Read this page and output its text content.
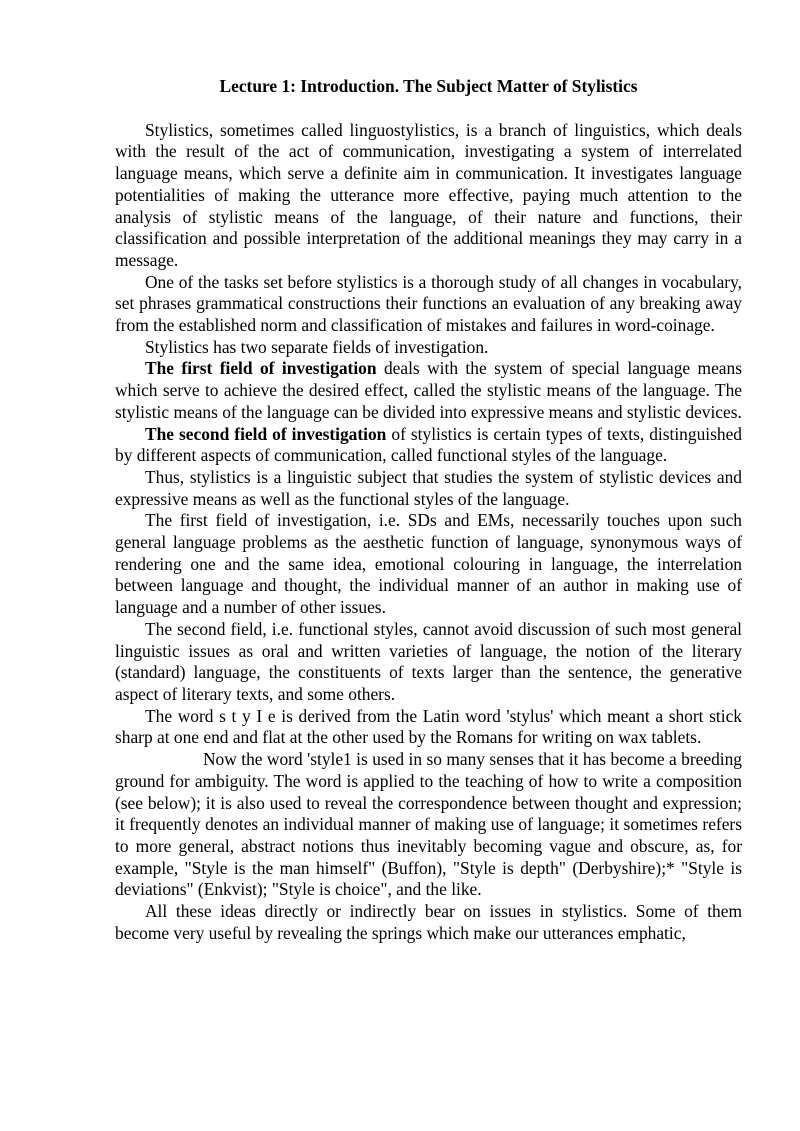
Lecture 1: Introduction. The Subject Matter of Stylistics

Stylistics, sometimes called linguostylistics, is a branch of linguistics, which deals with the result of the act of communication, investigating a system of interrelated language means, which serve a definite aim in communication. It investigates language potentialities of making the utterance more effective, paying much attention to the analysis of stylistic means of the language, of their nature and functions, their classification and possible interpretation of the additional meanings they may carry in a message.

One of the tasks set before stylistics is a thorough study of all changes in vocabulary, set phrases grammatical constructions their functions an evaluation of any breaking away from the established norm and classification of mistakes and failures in word-coinage.

Stylistics has two separate fields of investigation.

The first field of investigation deals with the system of special language means which serve to achieve the desired effect, called the stylistic means of the language. The stylistic means of the language can be divided into expressive means and stylistic devices.

The second field of investigation of stylistics is certain types of texts, distinguished by different aspects of communication, called functional styles of the language.

Thus, stylistics is a linguistic subject that studies the system of stylistic devices and expressive means as well as the functional styles of the language.

The first field of investigation, i.e. SDs and EMs, necessarily touches upon such general language problems as the aesthetic function of language, synonymous ways of rendering one and the same idea, emotional colouring in language, the interrelation between language and thought, the individual manner of an author in making use of language and a number of other issues.

The second field, i.e. functional styles, cannot avoid discussion of such most general linguistic issues as oral and written varieties of language, the notion of the literary (standard) language, the constituents of texts larger than the sentence, the generative aspect of literary texts, and some others.

The word s t y I e is derived from the Latin word 'stylus' which meant a short stick sharp at one end and flat at the other used by the Romans for writing on wax tablets.

Now the word 'style1 is used in so many senses that it has become a breeding ground for ambiguity. The word is applied to the teaching of how to write a composition (see below); it is also used to reveal the correspondence between thought and expression; it frequently denotes an individual manner of making use of language; it sometimes refers to more general, abstract notions thus inevitably becoming vague and obscure, as, for example, "Style is the man himself" (Buffon), "Style is depth" (Derbyshire);* "Style is deviations" (Enkvist); "Style is choice", and the like.

All these ideas directly or indirectly bear on issues in stylistics. Some of them become very useful by revealing the springs which make our utterances emphatic,
